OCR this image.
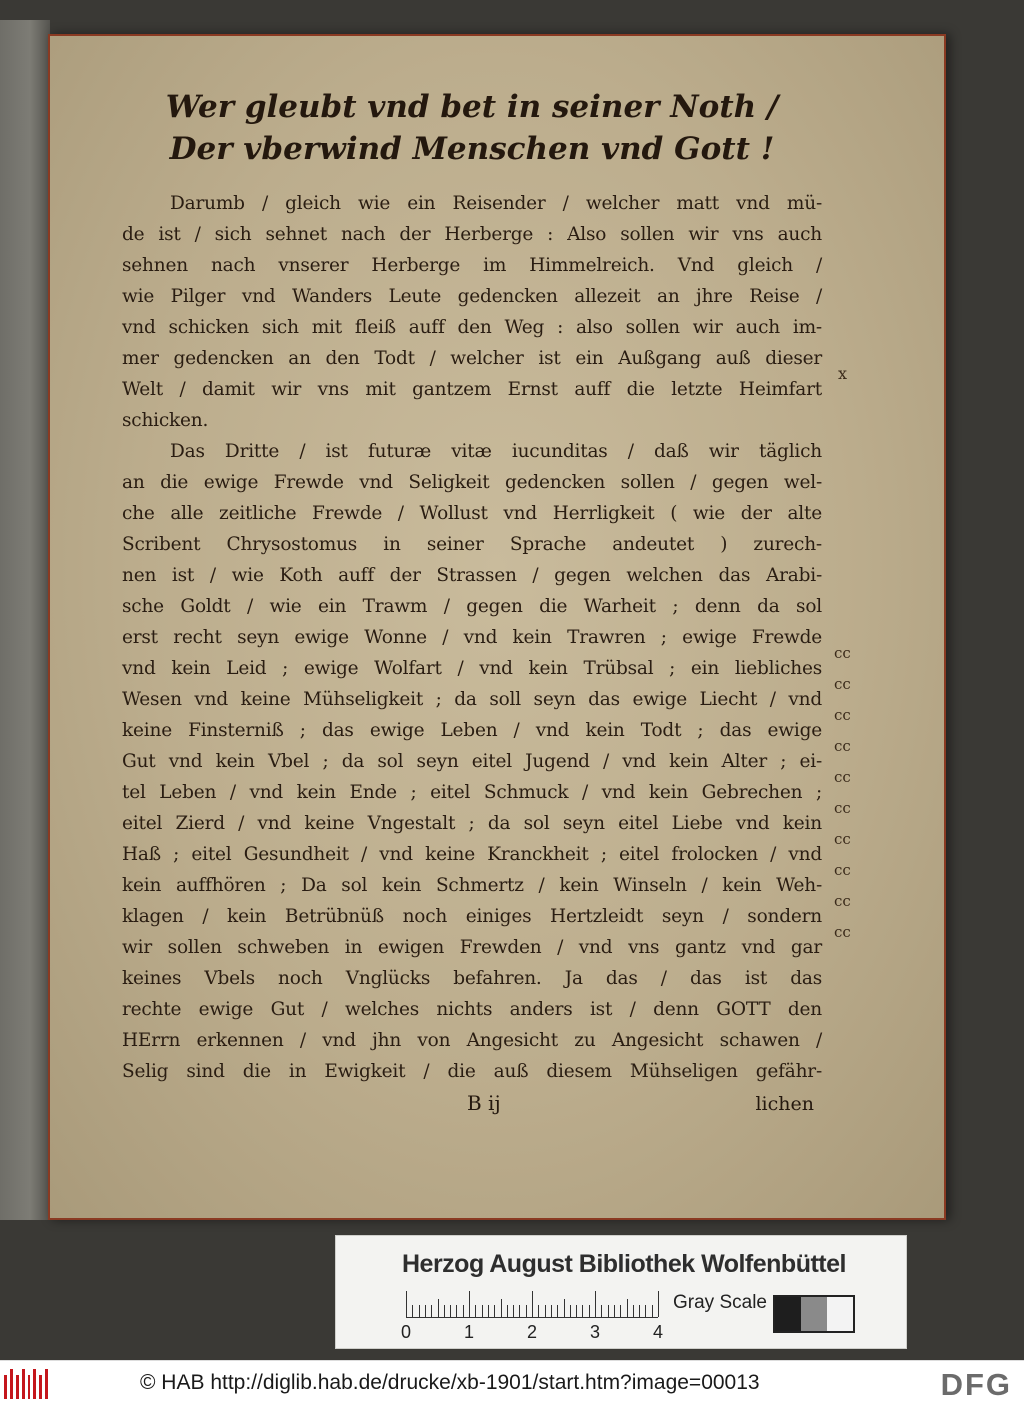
Wer gleubt vnd bet in seiner Noth /

Der vberwind Menschen vnd Gott !

Darumb / gleich wie ein Reisender / welcher matt vnd mü-
de ist / sich sehnet nach der Herberge : Also sollen wir vns auch
sehnen nach vnserer Herberge im Himmelreich. Vnd gleich /
wie Pilger vnd Wanders Leute gedencken allezeit an jhre Reise /
vnd schicken sich mit fleiß auff den Weg : also sollen wir auch im-
mer gedencken an den Todt / welcher ist ein Außgang auß dieser
Welt / damit wir vns mit gantzem Ernst auff die letzte Heimfart
schicken.
Das Dritte / ist futuræ vitæ iucunditas / daß wir täglich
an die ewige Frewde vnd Seligkeit gedencken sollen / gegen wel-
che alle zeitliche Frewde / Wollust vnd Herrligkeit ( wie der alte
Scribent Chrysostomus in seiner Sprache andeutet ) zurech-
nen ist / wie Koth auff der Strassen / gegen welchen das Arabi-
sche Goldt / wie ein Trawm / gegen die Warheit ; denn da sol
erst recht seyn ewige Wonne / vnd kein Trawren ; ewige Frewde
vnd kein Leid ; ewige Wolfart / vnd kein Trübsal ; ein liebliches
Wesen vnd keine Mühseligkeit ; da soll seyn das ewige Liecht / vnd
keine Finsterniß ; das ewige Leben / vnd kein Todt ; das ewige
Gut vnd kein Vbel ; da sol seyn eitel Jugend / vnd kein Alter ; ei-
tel Leben / vnd kein Ende ; eitel Schmuck / vnd kein Gebrechen ;
eitel Zierd / vnd keine Vngestalt ; da sol seyn eitel Liebe vnd kein
Haß ; eitel Gesundheit / vnd keine Kranckheit ; eitel frolocken / vnd
kein auffhören ; Da sol kein Schmertz / kein Winseln / kein Weh-
klagen / kein Betrübnüß noch einiges Hertzleidt seyn / sondern
wir sollen schweben in ewigen Frewden / vnd vns gantz vnd gar
keines Vbels noch Vnglücks befahren. Ja das / das ist das
rechte ewige Gut / welches nichts anders ist / denn GOTT den
HErrn erkennen / vnd jhn von Angesicht zu Angesicht schawen /
Selig sind die in Ewigkeit / die auß diesem Mühseligen gefähr-
B ij	lichen
x
cc
cc
cc
cc
cc
cc
cc
cc
cc
cc
Herzog August Bibliothek Wolfenbüttel
Gray Scale
0	1	2	3	4
© HAB http://diglib.hab.de/drucke/xb-1901/start.htm?image=00013	DFG
